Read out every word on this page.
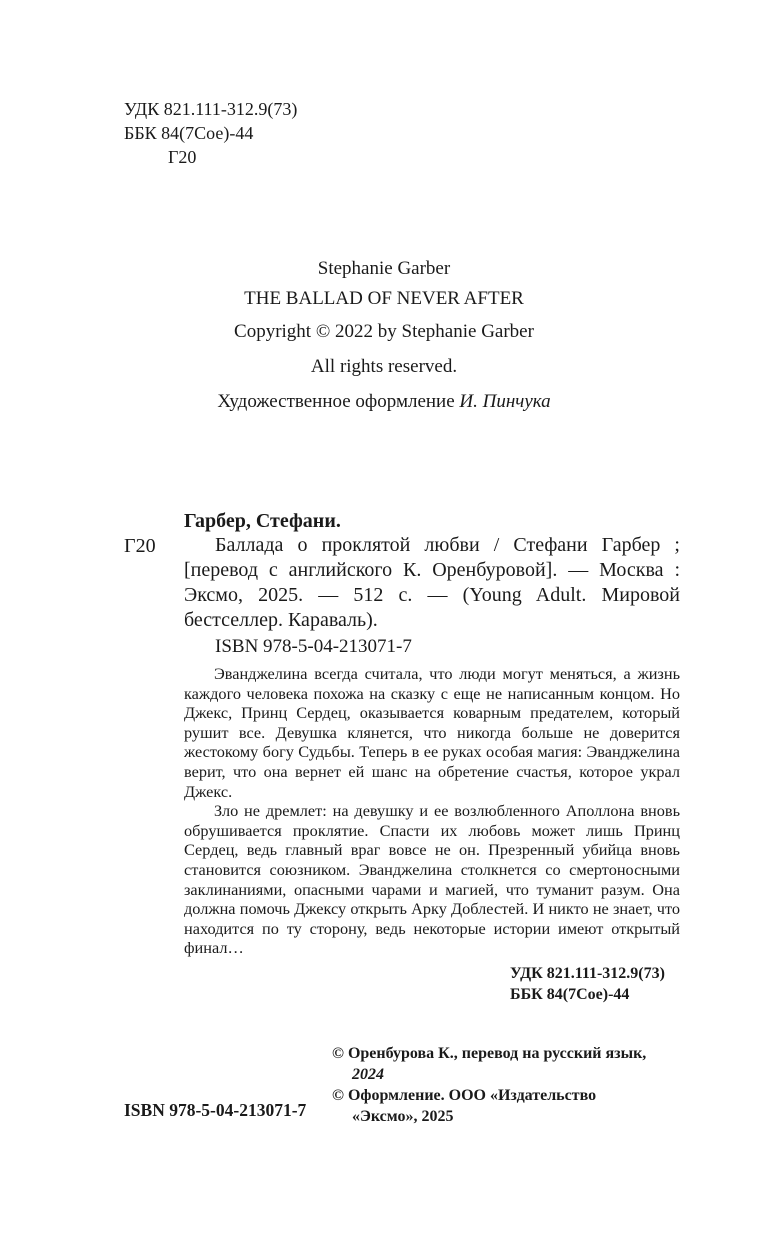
УДК 821.111-312.9(73)
ББК 84(7Сое)-44
Г20
Stephanie Garber
THE BALLAD OF NEVER AFTER
Copyright © 2022 by Stephanie Garber
All rights reserved.
Художественное оформление И. Пинчука
Гарбер, Стефани.
Г20	Баллада о проклятой любви / Стефани Гарбер ;
[перевод с английского К. Оренбуровой]. — Москва :
Эксмо, 2025. — 512 с. — (Young Adult. Мировой
бестселлер. Караваль).
ISBN 978-5-04-213071-7

Эванджелина всегда считала, что люди могут меняться, а жизнь каждого человека похожа на сказку с еще не написанным концом. Но Джекс, Принц Сердец, оказывается коварным предателем, который рушит все. Девушка клянется, что никогда больше не доверится жестокому богу Судьбы. Теперь в ее руках особая магия: Эванджелина верит, что она вернет ей шанс на обретение счастья, которое украл Джекс.

Зло не дремлет: на девушку и ее возлюбленного Аполлона вновь обрушивается проклятие. Спасти их любовь может лишь Принц Сердец, ведь главный враг вовсе не он. Презренный убийца вновь становится союзником. Эванджелина столкнется со смертоносными заклинаниями, опасными чарами и магией, что туманит разум. Она должна помочь Джексу открыть Арку Доблестей. И никто не знает, что находится по ту сторону, ведь некоторые истории имеют открытый финал…

УДК 821.111-312.9(73)
ББК 84(7Сое)-44
© Оренбурова К., перевод на русский язык,
2024
© Оформление. ООО «Издательство
«Эксмо», 2025
ISBN 978-5-04-213071-7
